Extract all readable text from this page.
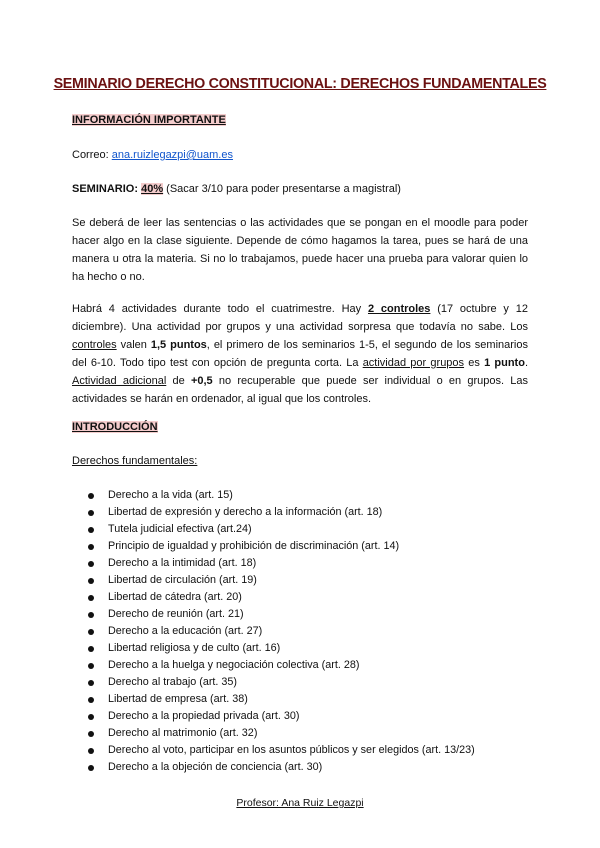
SEMINARIO DERECHO CONSTITUCIONAL: DERECHOS FUNDAMENTALES
INFORMACIÓN IMPORTANTE
Correo: ana.ruizlegazpi@uam.es
SEMINARIO: 40% (Sacar 3/10 para poder presentarse a magistral)
Se deberá de leer las sentencias o las actividades que se pongan en el moodle para poder hacer algo en la clase siguiente. Depende de cómo hagamos la tarea, pues se hará de una manera u otra la materia. Si no lo trabajamos, puede hacer una prueba para valorar quien lo ha hecho o no.
Habrá 4 actividades durante todo el cuatrimestre. Hay 2 controles (17 octubre y 12 diciembre). Una actividad por grupos y una actividad sorpresa que todavía no sabe. Los controles valen 1,5 puntos, el primero de los seminarios 1-5, el segundo de los seminarios del 6-10. Todo tipo test con opción de pregunta corta. La actividad por grupos es 1 punto. Actividad adicional de +0,5 no recuperable que puede ser individual o en grupos. Las actividades se harán en ordenador, al igual que los controles.
INTRODUCCIÓN
Derechos fundamentales:
Derecho a la vida (art. 15)
Libertad de expresión y derecho a la información (art. 18)
Tutela judicial efectiva (art.24)
Principio de igualdad y prohibición de discriminación (art. 14)
Derecho a la intimidad (art. 18)
Libertad de circulación (art. 19)
Libertad de cátedra (art. 20)
Derecho de reunión (art. 21)
Derecho a la educación (art. 27)
Libertad religiosa y de culto (art. 16)
Derecho a la huelga y negociación colectiva (art. 28)
Derecho al trabajo (art. 35)
Libertad de empresa (art. 38)
Derecho a la propiedad privada (art. 30)
Derecho al matrimonio (art. 32)
Derecho al voto, participar en los asuntos públicos y ser elegidos (art. 13/23)
Derecho a la objeción de conciencia (art. 30)
Profesor: Ana Ruiz Legazpi
